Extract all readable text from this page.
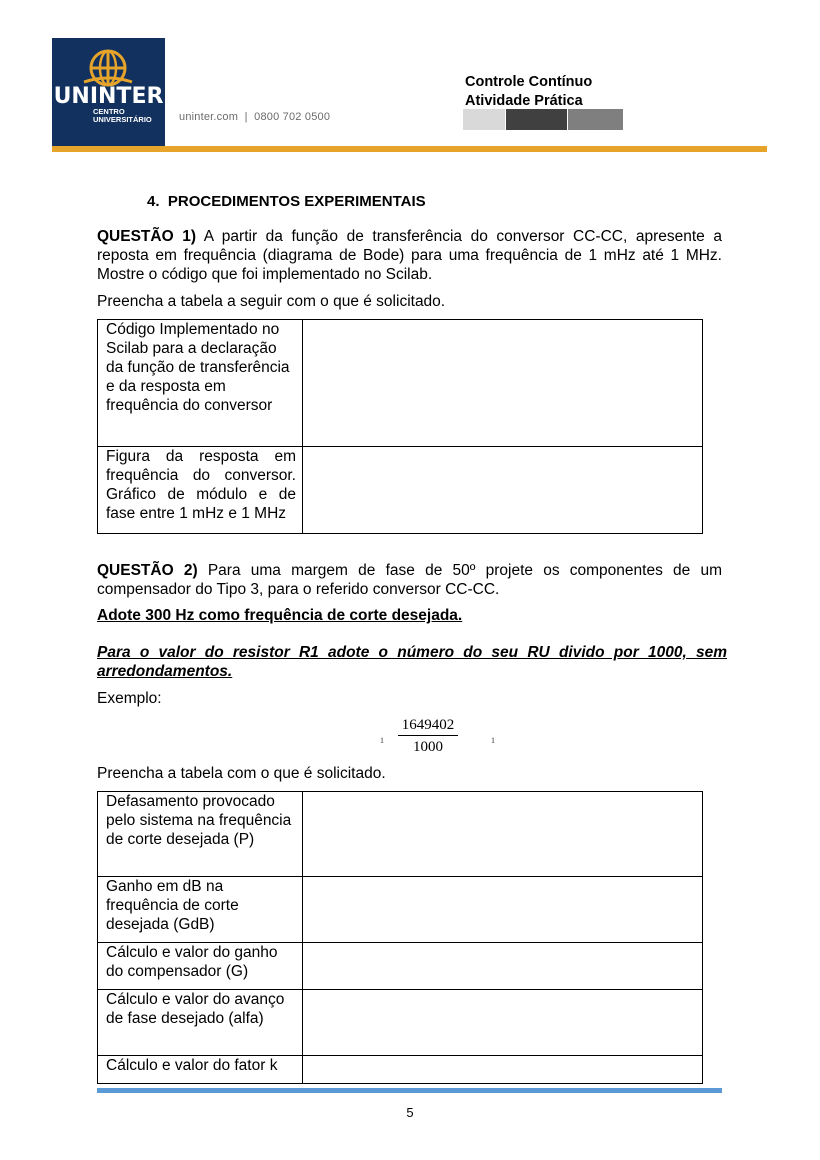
UNINTER
CENTRO
UNIVERSITÁRIO uninter.com  |  0800 702 0500
Controle Contínuo
Atividade Prática
4. PROCEDIMENTOS EXPERIMENTAIS
QUESTÃO 1) A partir da função de transferência do conversor CC-CC, apresente a reposta em frequência (diagrama de Bode) para uma frequência de 1 mHz até 1 MHz. Mostre o código que foi implementado no Scilab.
Preencha a tabela a seguir com o que é solicitado.
Código Implementado no Scilab para a declaração da função de transferência e da resposta em frequência do conversor	
Figura da resposta em frequência do conversor. Gráfico de módulo e de fase entre 1 mHz e 1 MHz	
QUESTÃO 2) Para uma margem de fase de 50º projete os componentes de um compensador do Tipo 3, para o referido conversor CC-CC.
Adote 300 Hz como frequência de corte desejada.
Para o valor do resistor R1 adote o número do seu RU divido por 1000, sem arredondamentos.
Exemplo:
1
1649402
1000	1
Preencha a tabela com o que é solicitado.
Defasamento provocado pelo sistema na frequência de corte desejada (P)	
Ganho em dB na frequência de corte desejada (GdB)	
Cálculo e valor do ganho do compensador (G)	
Cálculo e valor do avanço de fase desejado (alfa)	
Cálculo e valor do fator k	
5
